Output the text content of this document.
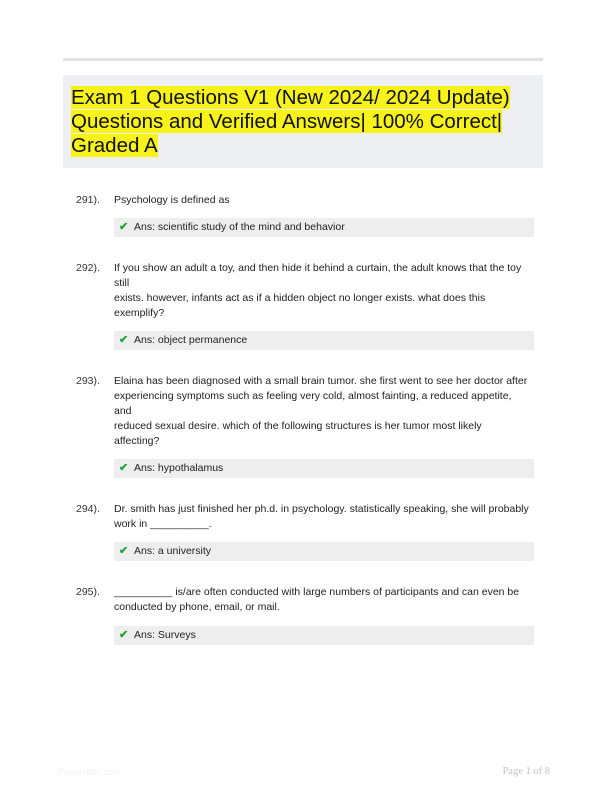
Exam 1 Questions V1 (New 2024/ 2024 Update)
Questions and Verified Answers| 100% Correct|
Graded A
291). Psychology is defined as
✔ Ans: scientific study of the mind and behavior
292). If you show an adult a toy, and then hide it behind a curtain, the adult knows that the toy
still
exists. however, infants act as if a hidden object no longer exists. what does this
exemplify?
✔ Ans: object permanence
293). Elaina has been diagnosed with a small brain tumor. she first went to see her doctor after
experiencing symptoms such as feeling very cold, almost fainting, a reduced appetite,
and
reduced sexual desire. which of the following structures is her tumor most likely
affecting?
✔ Ans: hypothalamus
294). Dr. smith has just finished her ph.d. in psychology. statistically speaking, she will probably
work in __________.
✔ Ans: a university
295). __________ is/are often conducted with large numbers of participants and can even be
conducted by phone, email, or mail.
✔ Ans: Surveys
Papersbbc.com	Page 1 of 8
